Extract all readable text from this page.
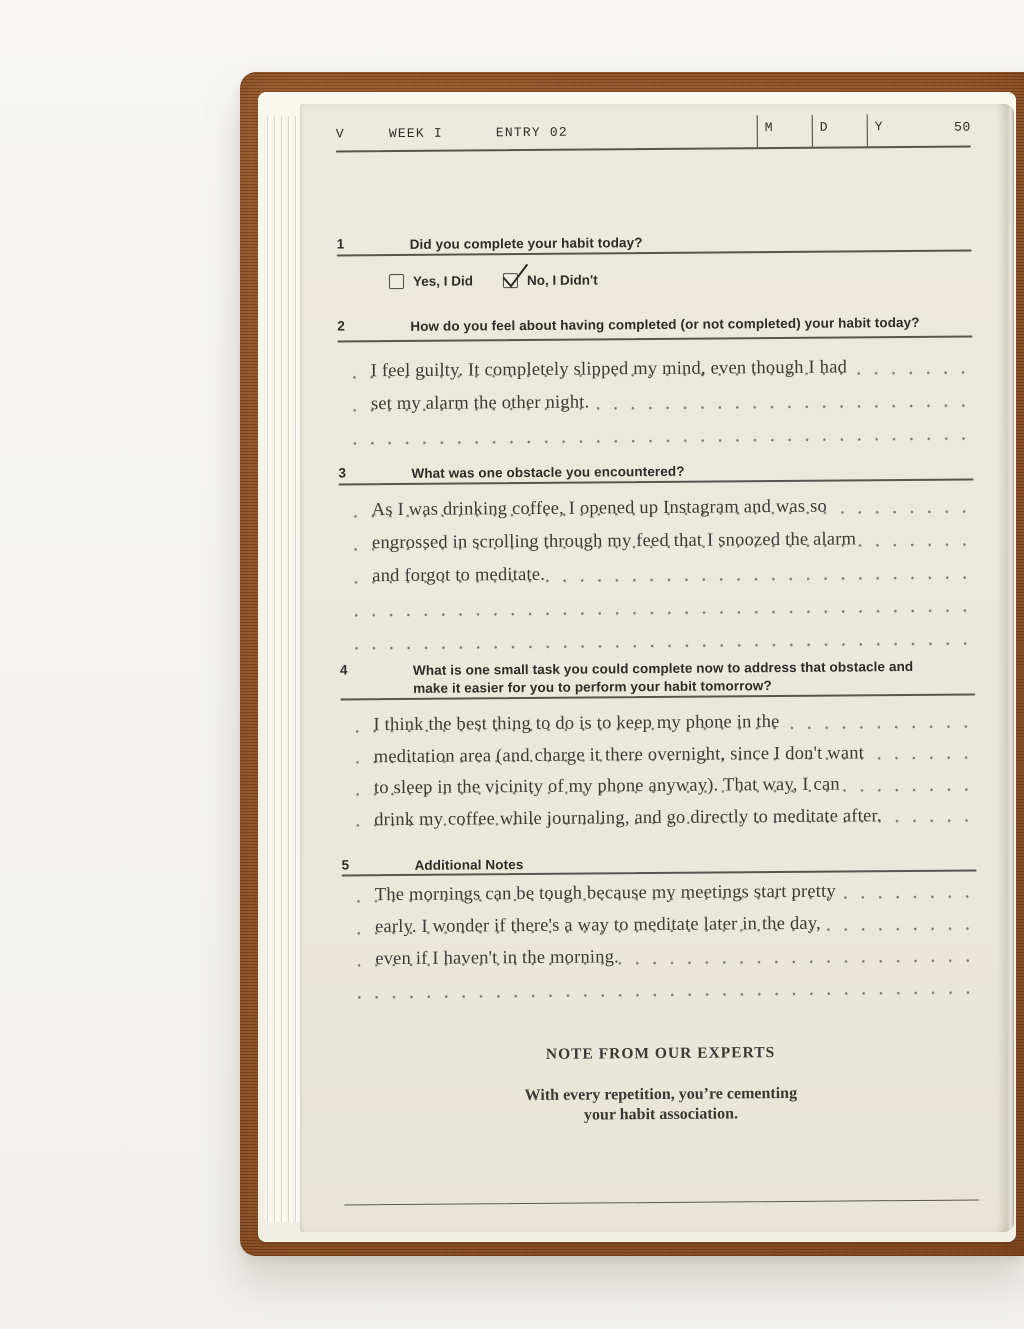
V	WEEK I	ENTRY 02	M	D	Y	50
1	Did you complete your habit today?
Yes, I Did	No, I Didn't
2	How do you feel about having completed (or not completed) your habit today?
I feel guilty. It completely slipped my mind, even though I had
set my alarm the other night.
3	What was one obstacle you encountered?
As I was drinking coffee, I opened up Instagram and was so
engrossed in scrolling through my feed that I snoozed the alarm
and forgot to meditate.
4	What is one small task you could complete now to address that obstacle and make it easier for you to perform your habit tomorrow?
I think the best thing to do is to keep my phone in the
meditation area (and charge it there overnight, since I don't want
to sleep in the vicinity of my phone anyway). That way, I can
drink my coffee while journaling, and go directly to meditate after.
5	Additional Notes
The mornings can be tough because my meetings start pretty
early. I wonder if there's a way to meditate later in the day,
even if I haven't in the morning.
NOTE FROM OUR EXPERTS
With every repetition, you’re cementing
your habit association.
